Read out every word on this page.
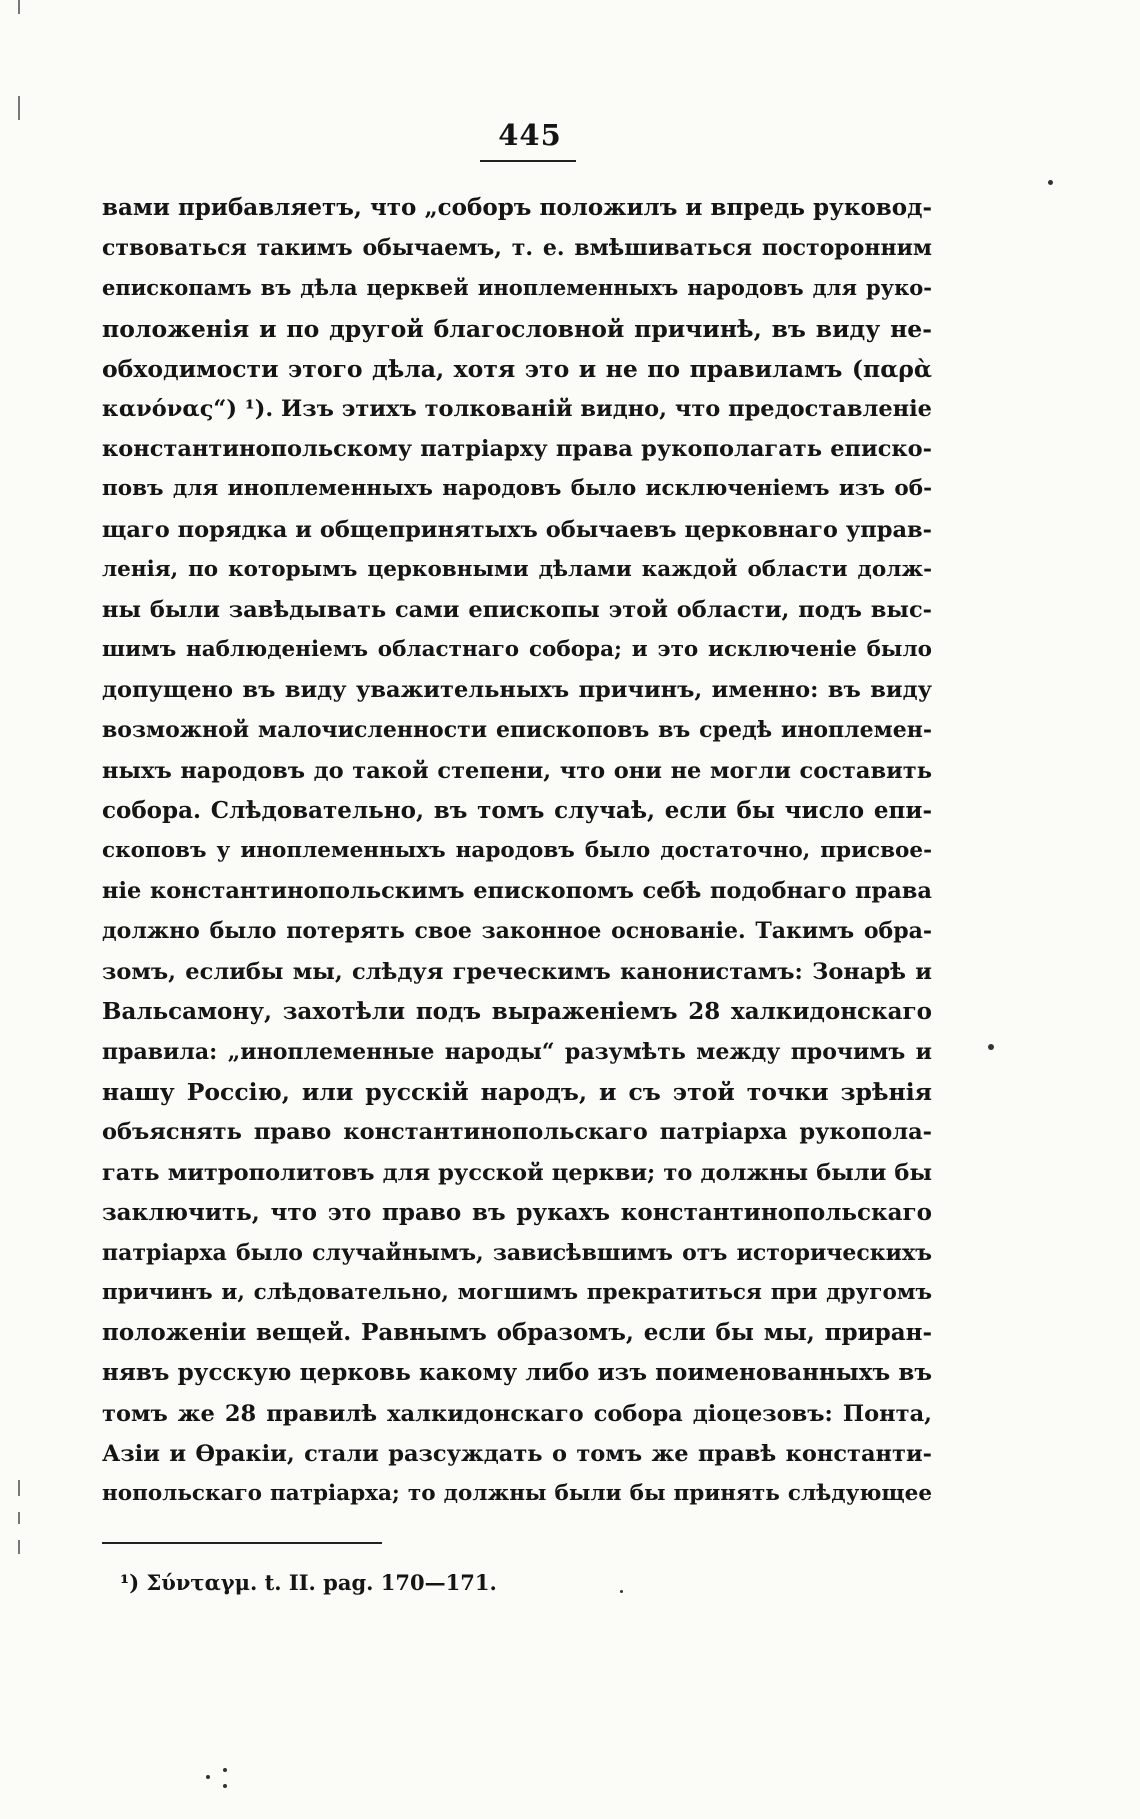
445
вами прибавляетъ, что „соборъ положилъ и впредь руковод-
ствоваться такимъ обычаемъ, т. е. вмѣшиваться посторонним
епископамъ въ дѣла церквей иноплеменныхъ народовъ для руко-
положенія и по другой благословной причинѣ, въ виду не-
обходимости этого дѣла, хотя это и не по правиламъ (παρὰ
κανόνας“) ¹). Изъ этихъ толкованій видно, что предоставленіе
константинопольскому патріарху права рукополагать еписко-
повъ для иноплеменныхъ народовъ было исключеніемъ изъ об-
щаго порядка и общепринятыхъ обычаевъ церковнаго управ-
ленія, по которымъ церковными дѣлами каждой области долж-
ны были завѣдывать сами епископы этой области, подъ выс-
шимъ наблюденіемъ областнаго собора; и это исключеніе было
допущено въ виду уважительныхъ причинъ, именно: въ виду
возможной малочисленности епископовъ въ средѣ иноплемен-
ныхъ народовъ до такой степени, что они не могли составить
собора. Слѣдовательно, въ томъ случаѣ, если бы число епи-
скоповъ у иноплеменныхъ народовъ было достаточно, присвое-
ніе константинопольскимъ епископомъ себѣ подобнаго права
должно было потерять свое законное основаніе. Такимъ обра-
зомъ, еслибы мы, слѣдуя греческимъ канонистамъ: Зонарѣ и
Вальсамону, захотѣли подъ выраженіемъ 28 халкидонскаго
правила: „иноплеменные народы“ разумѣть между прочимъ и
нашу Россію, или русскій народъ, и съ этой точки зрѣнія
объяснять право константинопольскаго патріарха рукопола-
гать митрополитовъ для русской церкви; то должны были бы
заключить, что это право въ рукахъ константинопольскаго
патріарха было случайнымъ, зависѣвшимъ отъ историческихъ
причинъ и, слѣдовательно, могшимъ прекратиться при другомъ
положеніи вещей. Равнымъ образомъ, если бы мы, приран-
нявъ русскую церковь какому либо изъ поименованныхъ въ
томъ же 28 правилѣ халкидонскаго собора діоцезовъ: Понта,
Азіи и Ѳракіи, стали разсуждать о томъ же правѣ константи-
нопольскаго патріарха; то должны были бы принять слѣдующее
¹) Σύνταγμ. t. II. pag. 170—171.
